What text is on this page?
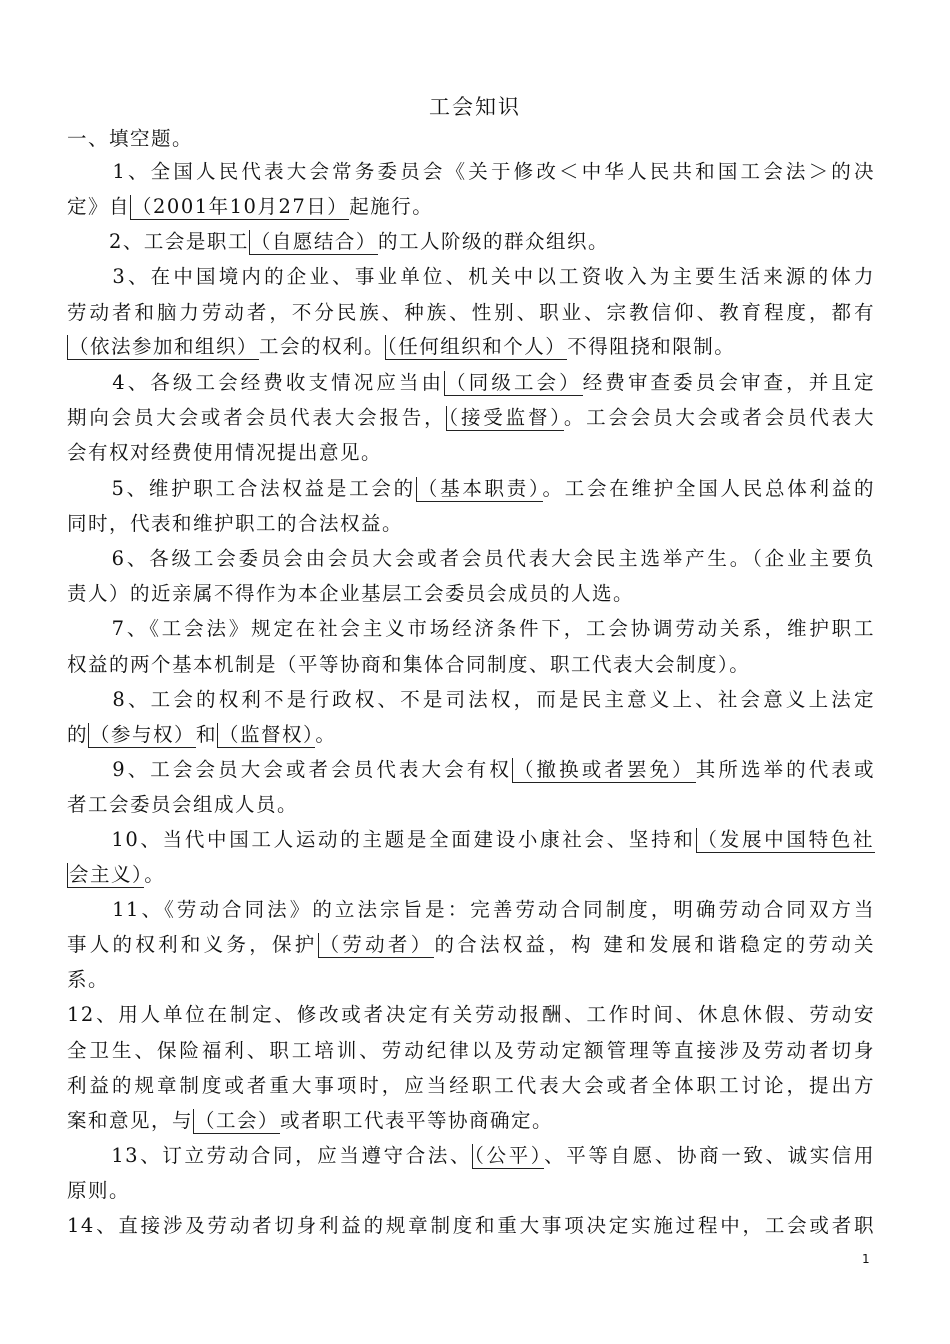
工会知识
一、填空题。
　　1、全国人民代表大会常务委员会《关于修改＜中华人民共和国工会法＞的决
定》自 （2001年10月27日）起施行。
　　2、工会是职工 （自愿结合）的工人阶级的群众组织。
　　3、在中国境内的企业、事业单位、机关中以工资收入为主要生活来源的体力
劳动者和脑力劳动者，不分民族、种族、性别、职业、宗教信仰、教育程度，都有
（依法参加和组织）工会的权利。 （任何组织和个人）不得阻挠和限制。
　　4、各级工会经费收支情况应当由 （同级工会）经费审查委员会审查，并且定
期向会员大会或者会员代表大会报告， （接受监督）。工会会员大会或者会员代表大
会有权对经费使用情况提出意见。
　　5、维护职工合法权益是工会的 （基本职责）。工会在维护全国人民总体利益的
同时，代表和维护职工的合法权益。
　　6、各级工会委员会由会员大会或者会员代表大会民主选举产生。（企业主要负
责人）的近亲属不得作为本企业基层工会委员会成员的人选。
　　7、《工会法》规定在社会主义市场经济条件下，工会协调劳动关系，维护职工
权益的两个基本机制是（平等协商和集体合同制度、职工代表大会制度）。
　　8、工会的权利不是行政权、不是司法权，而是民主意义上、社会意义上法定
的 （参与权）和 （监督权）。
　　9、工会会员大会或者会员代表大会有权 （撤换或者罢免）其所选举的代表或
者工会委员会组成人员。
　　10、当代中国工人运动的主题是全面建设小康社会、坚持和 （发展中国特色社
会主义）。
　　11、《劳动合同法》的立法宗旨是：完善劳动合同制度，明确劳动合同双方当
事人的权利和义务，保护 （劳动者）的合法权益，构 建和发展和谐稳定的劳动关
系。
12、用人单位在制定、修改或者决定有关劳动报酬、工作时间、休息休假、劳动安
全卫生、保险福利、职工培训、劳动纪律以及劳动定额管理等直接涉及劳动者切身
利益的规章制度或者重大事项时，应当经职工代表大会或者全体职工讨论，提出方
案和意见，与 （工会）或者职工代表平等协商确定。
　　13、订立劳动合同，应当遵守合法、 （公平）、平等自愿、协商一致、诚实信用
原则。
14、直接涉及劳动者切身利益的规章制度和重大事项决定实施过程中，工会或者职
1
